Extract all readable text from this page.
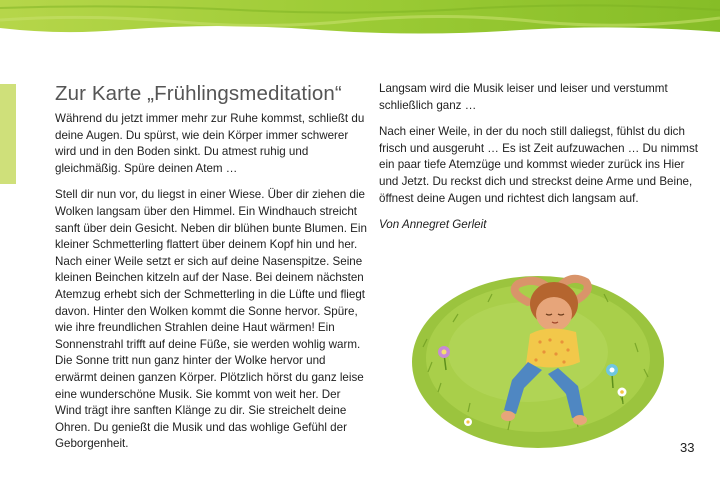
Zur Karte „Frühlingsmeditation“

Während du jetzt immer mehr zur Ruhe kommst, schließt du deine Augen. Du spürst, wie dein Körper immer schwerer wird und in den Boden sinkt. Du atmest ruhig und gleichmäßig. Spüre deinen Atem …

Stell dir nun vor, du liegst in einer Wiese. Über dir ziehen die Wolken langsam über den Himmel. Ein Windhauch streicht sanft über dein Gesicht. Neben dir blühen bunte Blumen. Ein kleiner Schmetterling flattert über deinem Kopf hin und her. Nach einer Weile setzt er sich auf deine Nasenspitze. Seine kleinen Beinchen kitzeln auf der Nase. Bei deinem nächsten Atemzug erhebt sich der Schmetterling in die Lüfte und fliegt davon. Hinter den Wolken kommt die Sonne hervor. Spüre, wie ihre freundlichen Strahlen deine Haut wärmen! Ein Sonnenstrahl trifft auf deine Füße, sie werden wohlig warm. Die Sonne tritt nun ganz hinter der Wolke hervor und erwärmt deinen ganzen Körper. Plötzlich hörst du ganz leise eine wunderschöne Musik. Sie kommt von weit her. Der Wind trägt ihre sanften Klänge zu dir. Sie streichelt deine Ohren. Du genießt die Musik und das wohlige Gefühl der Geborgenheit.

Langsam wird die Musik leiser und leiser und verstummt schließlich ganz …

Nach einer Weile, in der du noch still daliegst, fühlst du dich frisch und ausgeruht … Es ist Zeit aufzuwachen … Du nimmst ein paar tiefe Atemzüge und kommst wieder zurück ins Hier und Jetzt. Du reckst dich und streckst deine Arme und Beine, öffnest deine Augen und richtest dich langsam auf.

Von Annegret Gerleit

33
